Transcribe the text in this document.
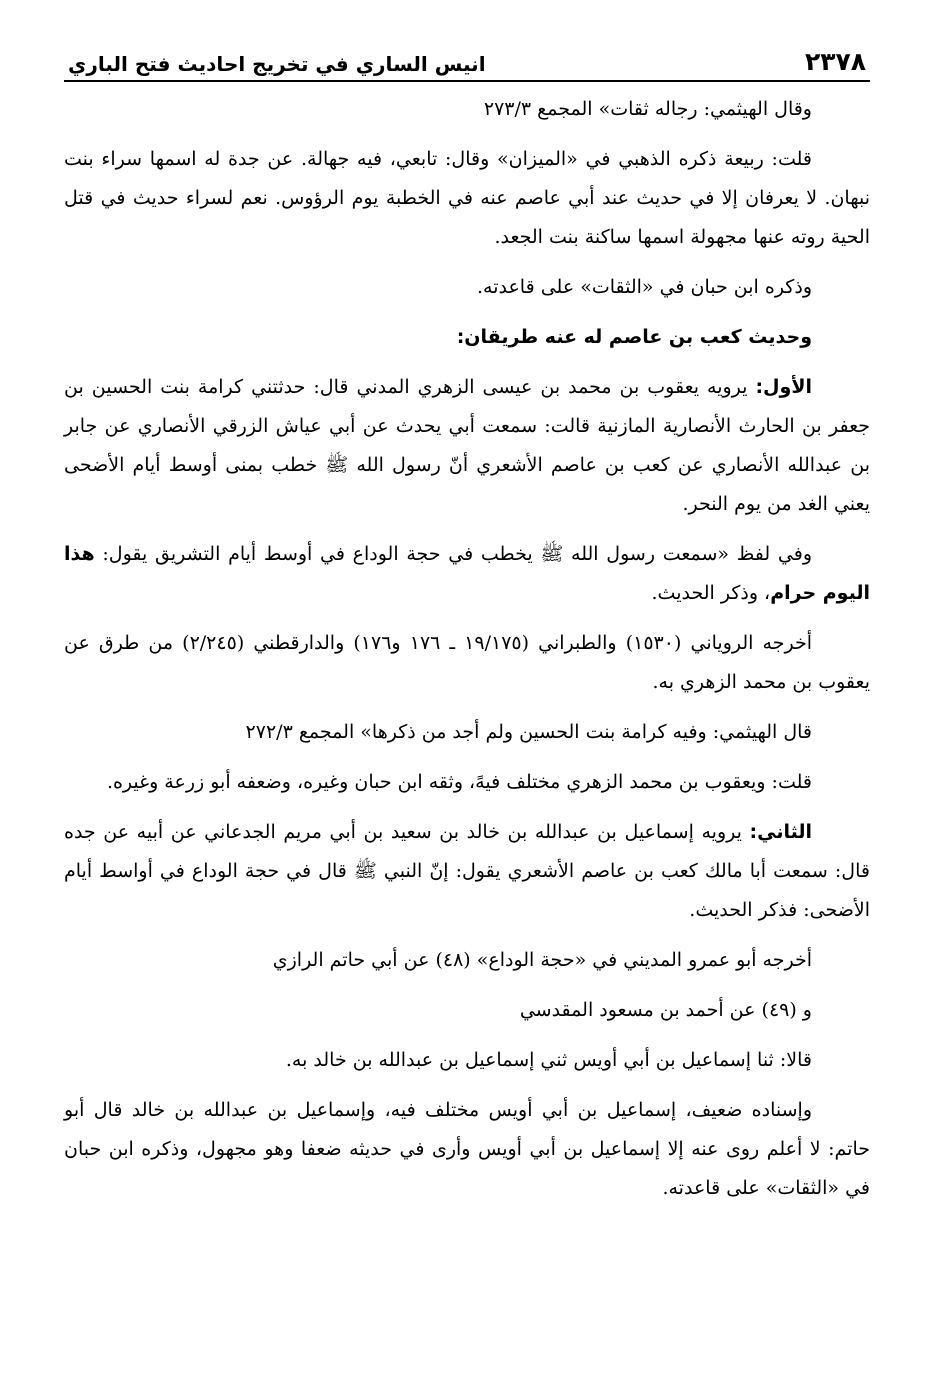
٢٣٧٨
انيس الساري في تخريج احاديث فتح الباري

وقال الهيثمي: رجاله ثقات» المجمع ٢٧٣/٣

قلت: ربيعة ذكره الذهبي في «الميزان» وقال: تابعي، فيه جهالة. عن جدة له اسمها سراء بنت نبهان. لا يعرفان إلا في حديث عند أبي عاصم عنه في الخطبة يوم الرؤوس. نعم لسراء حديث في قتل الحية روته عنها مجهولة اسمها ساكنة بنت الجعد.

وذكره ابن حبان في «الثقات» على قاعدته.

وحديث كعب بن عاصم له عنه طريقان:

الأول: يرويه يعقوب بن محمد بن عيسى الزهري المدني قال: حدثتني كرامة بنت الحسين بن جعفر بن الحارث الأنصارية المازنية قالت: سمعت أبي يحدث عن أبي عياش الزرقي الأنصاري عن جابر بن عبدالله الأنصاري عن كعب بن عاصم الأشعري أنّ رسول الله ﷺ خطب بمنى أوسط أيام الأضحى يعني الغد من يوم النحر.

وفي لفظ «سمعت رسول الله ﷺ يخطب في حجة الوداع في أوسط أيام التشريق يقول: هذا اليوم حرام، وذكر الحديث.

أخرجه الروياني (١٥٣٠) والطبراني (١٩/١٧٥ ـ ١٧٦ و١٧٦) والدارقطني (٢/٢٤٥) من طرق عن يعقوب بن محمد الزهري به.

قال الهيثمي: وفيه كرامة بنت الحسين ولم أجد من ذكرها» المجمع ٢٧٢/٣

قلت: ويعقوب بن محمد الزهري مختلف فيهً، وثقه ابن حبان وغيره، وضعفه أبو زرعة وغيره.

الثاني: يرويه إسماعيل بن عبدالله بن خالد بن سعيد بن أبي مريم الجدعاني عن أبيه عن جده قال: سمعت أبا مالك كعب بن عاصم الأشعري يقول: إنّ النبي ﷺ قال في حجة الوداع في أواسط أيام الأضحى: فذكر الحديث.

أخرجه أبو عمرو المديني في «حجة الوداع» (٤٨) عن أبي حاتم الرازي

و (٤٩) عن أحمد بن مسعود المقدسي

قالا: ثنا إسماعيل بن أبي أويس ثني إسماعيل بن عبدالله بن خالد به.

وإسناده ضعيف، إسماعيل بن أبي أويس مختلف فيه، وإسماعيل بن عبدالله بن خالد قال أبو حاتم: لا أعلم روى عنه إلا إسماعيل بن أبي أويس وأرى في حديثه ضعفا وهو مجهول، وذكره ابن حبان في «الثقات» على قاعدته.
